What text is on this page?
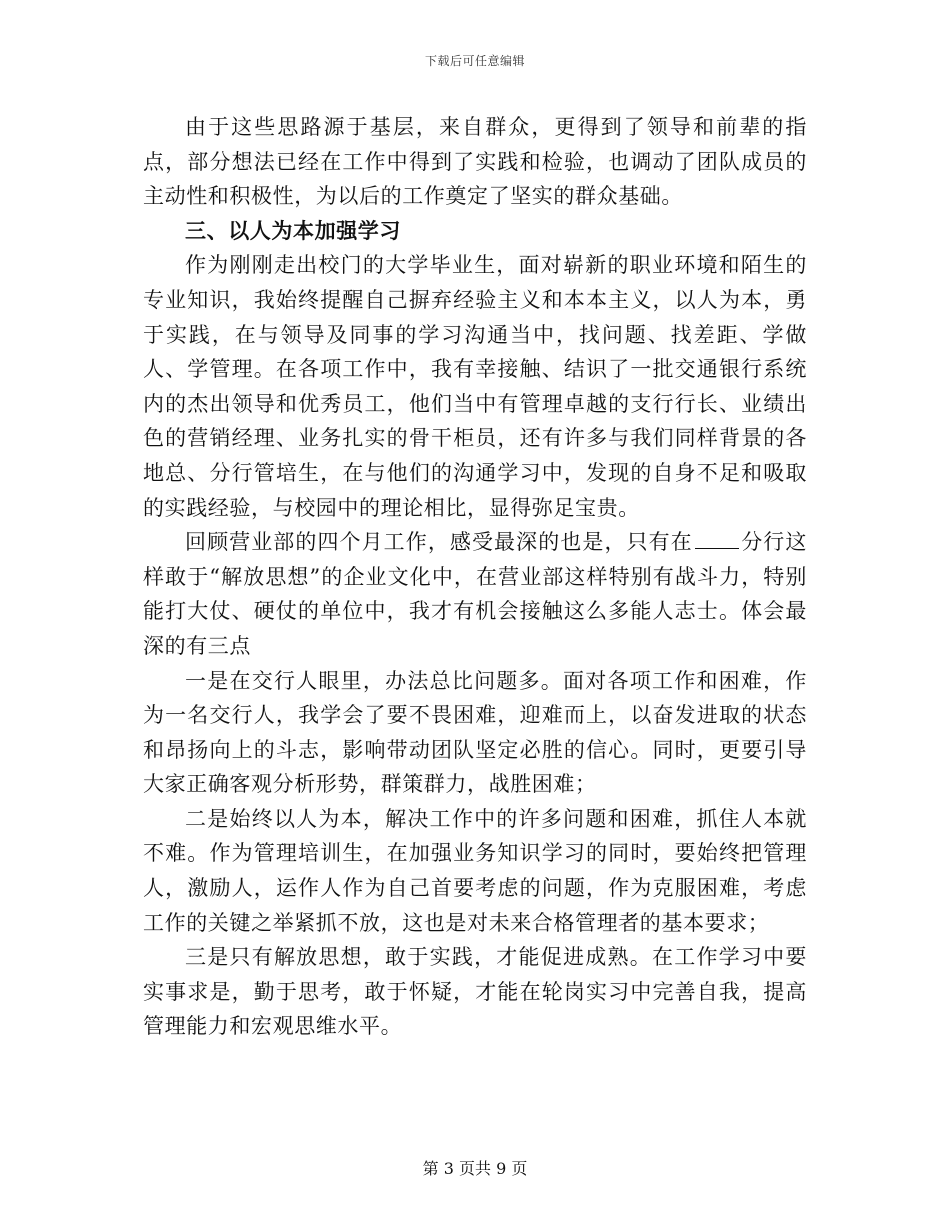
下载后可任意编辑

由于这些思路源于基层，来自群众，更得到了领导和前辈的指点，部分想法已经在工作中得到了实践和检验，也调动了团队成员的主动性和积极性，为以后的工作奠定了坚实的群众基础。

三、以人为本加强学习

作为刚刚走出校门的大学毕业生，面对崭新的职业环境和陌生的专业知识，我始终提醒自己摒弃经验主义和本本主义，以人为本，勇于实践，在与领导及同事的学习沟通当中，找问题、找差距、学做人、学管理。在各项工作中，我有幸接触、结识了一批交通银行系统内的杰出领导和优秀员工，他们当中有管理卓越的支行行长、业绩出色的营销经理、业务扎实的骨干柜员，还有许多与我们同样背景的各地总、分行管培生，在与他们的沟通学习中，发现的自身不足和吸取的实践经验，与校园中的理论相比，显得弥足宝贵。

回顾营业部的四个月工作，感受最深的也是，只有在 分行这样敢于“解放思想”的企业文化中，在营业部这样特别有战斗力，特别能打大仗、硬仗的单位中，我才有机会接触这么多能人志士。体会最深的有三点

一是在交行人眼里，办法总比问题多。面对各项工作和困难，作为一名交行人，我学会了要不畏困难，迎难而上，以奋发进取的状态和昂扬向上的斗志，影响带动团队坚定必胜的信心。同时，更要引导大家正确客观分析形势，群策群力，战胜困难；

二是始终以人为本，解决工作中的许多问题和困难，抓住人本就不难。作为管理培训生，在加强业务知识学习的同时，要始终把管理人，激励人，运作人作为自己首要考虑的问题，作为克服困难，考虑工作的关键之举紧抓不放，这也是对未来合格管理者的基本要求；

三是只有解放思想，敢于实践，才能促进成熟。在工作学习中要实事求是，勤于思考，敢于怀疑，才能在轮岗实习中完善自我，提高管理能力和宏观思维水平。

第 3 页共 9 页
